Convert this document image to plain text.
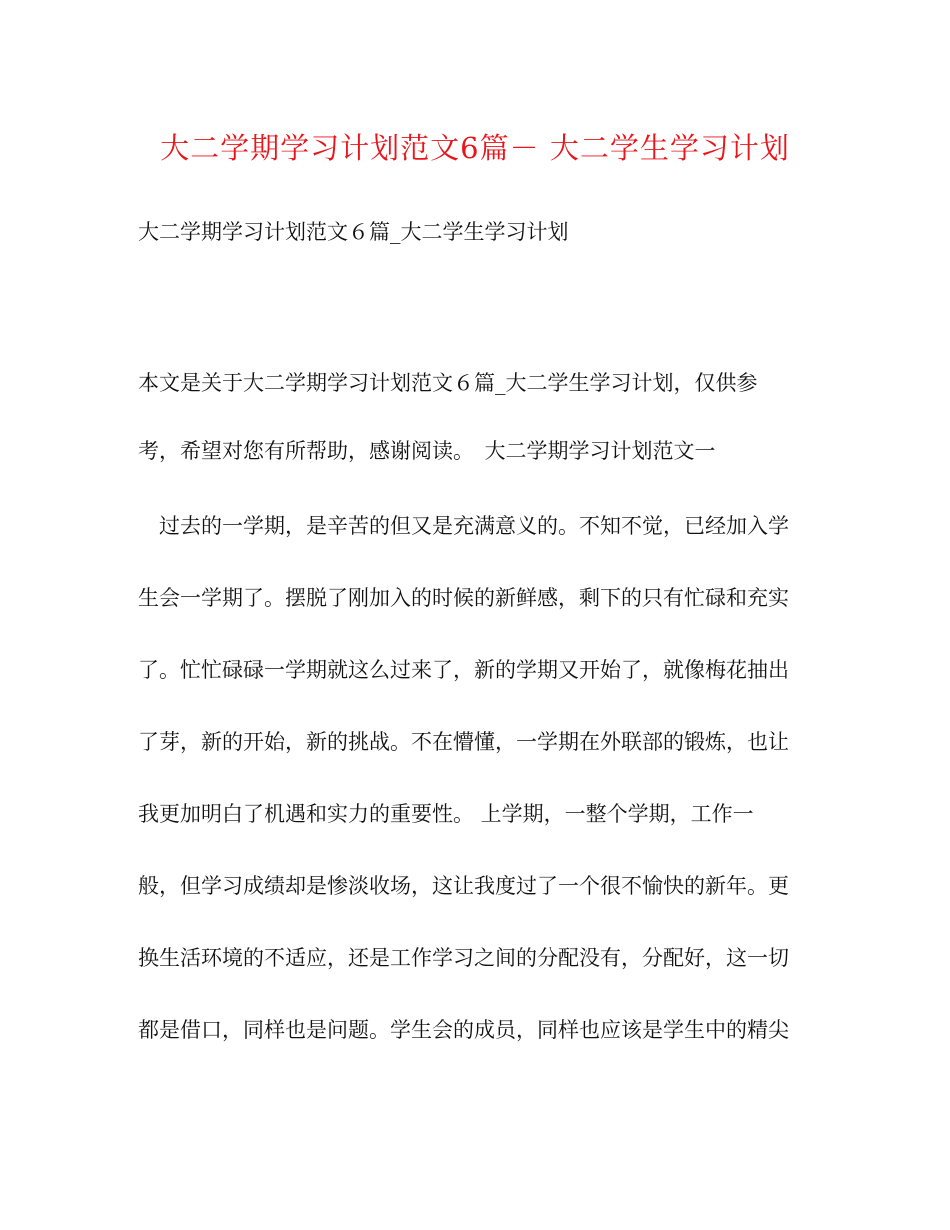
大二学期学习计划范文6篇－ 大二学生学习计划
大二学期学习计划范文６篇_大二学生学习计划
本文是关于大二学期学习计划范文６篇_大二学生学习计划，仅供参
考，希望对您有所帮助，感谢阅读。　大二学期学习计划范文一
　过去的一学期，是辛苦的但又是充满意义的。不知不觉，已经加入学
生会一学期了。摆脱了刚加入的时候的新鲜感，剩下的只有忙碌和充实
了。忙忙碌碌一学期就这么过来了，新的学期又开始了，就像梅花抽出
了芽，新的开始，新的挑战。不在懵懂，一学期在外联部的锻炼，也让
我更加明白了机遇和实力的重要性。 上学期，一整个学期，工作一
般，但学习成绩却是惨淡收场，这让我度过了一个很不愉快的新年。更
换生活环境的不适应，还是工作学习之间的分配没有，分配好，这一切
都是借口，同样也是问题。学生会的成员，同样也应该是学生中的精尖
